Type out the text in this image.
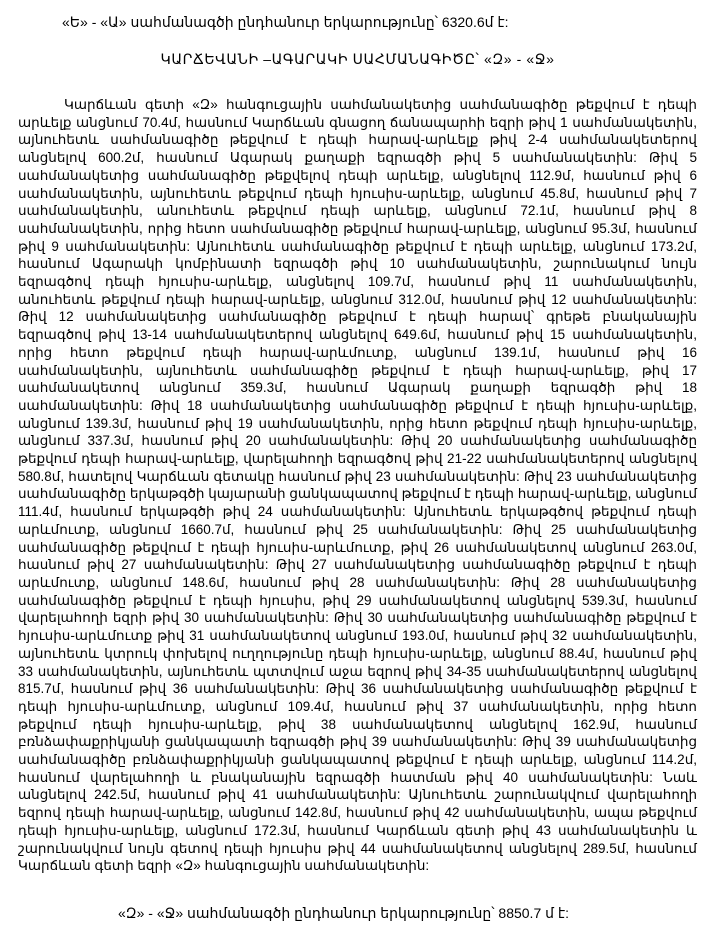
«Ե» - «Ա» սահմանագծի ընդհանուր երկարությունը՝ 6320.6մ է:
ԿԱՐՃԵՎԱՆԻ –ԱԳԱՐԱԿԻ ՍԱՀՄԱՆԱԳԻԾԸ՝ «Զ» - «Ջ»

Կարճևան գետի «Զ» հանգուցային սահմանակետից սահմանագիծը թեքվում է դեպի արևելք անցնում 70.4մ, հասնում Կարճևան գնացող ճանապարհի եզրի թիվ 1 սահմանակետին, այնուհետև սահմանագիծը թեքվում է դեպի հարավ-արևելք թիվ 2-4 սահմանակետերով անցնելով 600.2մ, հասնում Ագարակ քաղաքի եզրագծի թիվ 5 սահմանակետին: Թիվ 5 սահմանակետից սահմանագիծը թեքվելով դեպի արևելք, անցնելով 112.9մ, հասնում թիվ 6 սահմանակետին, այնուհետև թեքվում դեպի հյուսիս-արևելք, անցնում 45.8մ, հասնում թիվ 7 սահմանակետին, անուհետև թեքվում դեպի արևելք, անցնում 72.1մ, հասնում թիվ 8 սահմանակետին, որից հետո սահմանագիծը թեքվում հարավ-արևելք, անցնում 95.3մ, հասնում թիվ 9 սահմանակետին: Այնուհետև սահմանագիծը թեքվում է դեպի արևելք, անցնում 173.2մ, հասնում Ագարակի կոմբինատի եզրագծի թիվ 10 սահմանակետին, շարունակում նույն եզրագծով դեպի հյուսիս-արևելք, անցնելով 109.7մ, հասնում թիվ 11 սահմանակետին, անուհետև թեքվում դեպի հարավ-արևելք, անցնում 312.0մ, հասնում թիվ 12 սահմանակետին: Թիվ 12 սահմանակետից սահմանագիծը թեքվում է դեպի հարավ՝ գրեթե բնականային եզրագծով թիվ 13-14 սահմանակետերով անցնելով 649.6մ, հասնում թիվ 15 սահմանակետին, որից հետո թեքվում դեպի հարավ-արևմուտք, անցնում 139.1մ, հասնում թիվ 16 սահմանակետին, այնուհետև սահմանագիծը թեքվում է դեպի հարավ-արևելք, թիվ 17 սահմանակետով անցնում 359.3մ, հասնում Ագարակ քաղաքի եզրագծի թիվ 18 սահմանակետին: Թիվ 18 սահմանակետից սահմանագիծը թեքվում է դեպի հյուսիս-արևելք, անցնում 139.3մ, հասնում թիվ 19 սահմանակետին, որից հետո թեքվում դեպի հյուսիս-արևելք, անցնում 337.3մ, հասնում թիվ 20 սահմանակետին: Թիվ 20 սահմանակետից սահմանագիծը թեքվում դեպի հարավ-արևելք, վարելահողի եզրագծով թիվ 21-22 սահմանակետերով անցնելով 580.8մ, հատելով Կարճևան գետակը հասնում թիվ 23 սահմանակետին: Թիվ 23 սահմանակետից սահմանագիծը երկաթգծի կայարանի ցանկապատով թեքվում է դեպի հարավ-արևելք, անցնում 111.4մ, հասնում երկաթգծի թիվ 24 սահմանակետին: Այնուհետև երկաթգծով թեքվում դեպի արևմուտք, անցնում 1660.7մ, հասնում թիվ 25 սահմանակետին: Թիվ 25 սահմանակետից սահմանագիծը թեքվում է դեպի հյուսիս-արևմուտք, թիվ 26 սահմանակետով անցնում 263.0մ, հասնում թիվ 27 սահմանակետին: Թիվ 27 սահմանակետից սահմանագիծը թեքվում է դեպի արևմուտք, անցնում 148.6մ, հասնում թիվ 28 սահմանակետին: Թիվ 28 սահմանակետից սահմանագիծը թեքվում է դեպի հյուսիս, թիվ 29 սահմանակետով անցնելով 539.3մ, հասնում վարելահողի եզրի թիվ 30 սահմանակետին: Թիվ 30 սահմանակետից սահմանագիծը թեքվում է հյուսիս-արևմուտք թիվ 31 սահմանակետով անցնում 193.0մ, հասնում թիվ 32 սահմանակետին, այնուհետև կտրուկ փոխելով ուղղությունը դեպի հյուսիս-արևելք, անցնում 88.4մ, հասնում թիվ 33 սահմանակետին, այնուհետև պտտվում աջա եզրով թիվ 34-35 սահմանակետերով անցնելով 815.7մ, հասնում թիվ 36 սահմանակետին: Թիվ 36 սահմանակետից սահմանագիծը թեքվում է դեպի հյուսիս-արևմուտք, անցնում 109.4մ, հասնում թիվ 37 սահմանակետին, որից հետո թեքվում դեպի հյուսիս-արևելք, թիվ 38 սահմանակետով անցնելով 162.9մ, հասնում բռնձափաքրիկյանի ցանկապատի եզրագծի թիվ 39 սահմանակետին: Թիվ 39 սահմանակետից սահմանագիծը բռնձափաքրիկյանի ցանկապատով թեքվում է դեպի արևելք, անցնում 114.2մ, հասնում վարելահողի և բնականային եզրագծի հատման թիվ 40 սահմանակետին: Նաև անցնելով 242.5մ, հասնում թիվ 41 սահմանակետին: Այնուհետև շարունակվում վարելահողի եզրով դեպի հարավ-արևելք, անցնում 142.8մ, հասնում թիվ 42 սահմանակետին, ապա թեքվում դեպի հյուսիս-արևելք, անցնում 172.3մ, հասնում Կարճևան գետի թիվ 43 սահմանակետին և շարունակվում նույն գետով դեպի հյուսիս թիվ 44 սահմանակետով անցնելով 289.5մ, հասնում Կարճևան գետի եզրի «Զ» հանգուցային սահմանակետին:

«Զ» - «Ջ» սահմանագծի ընդհանուր երկարությունը՝ 8850.7 մ է:
